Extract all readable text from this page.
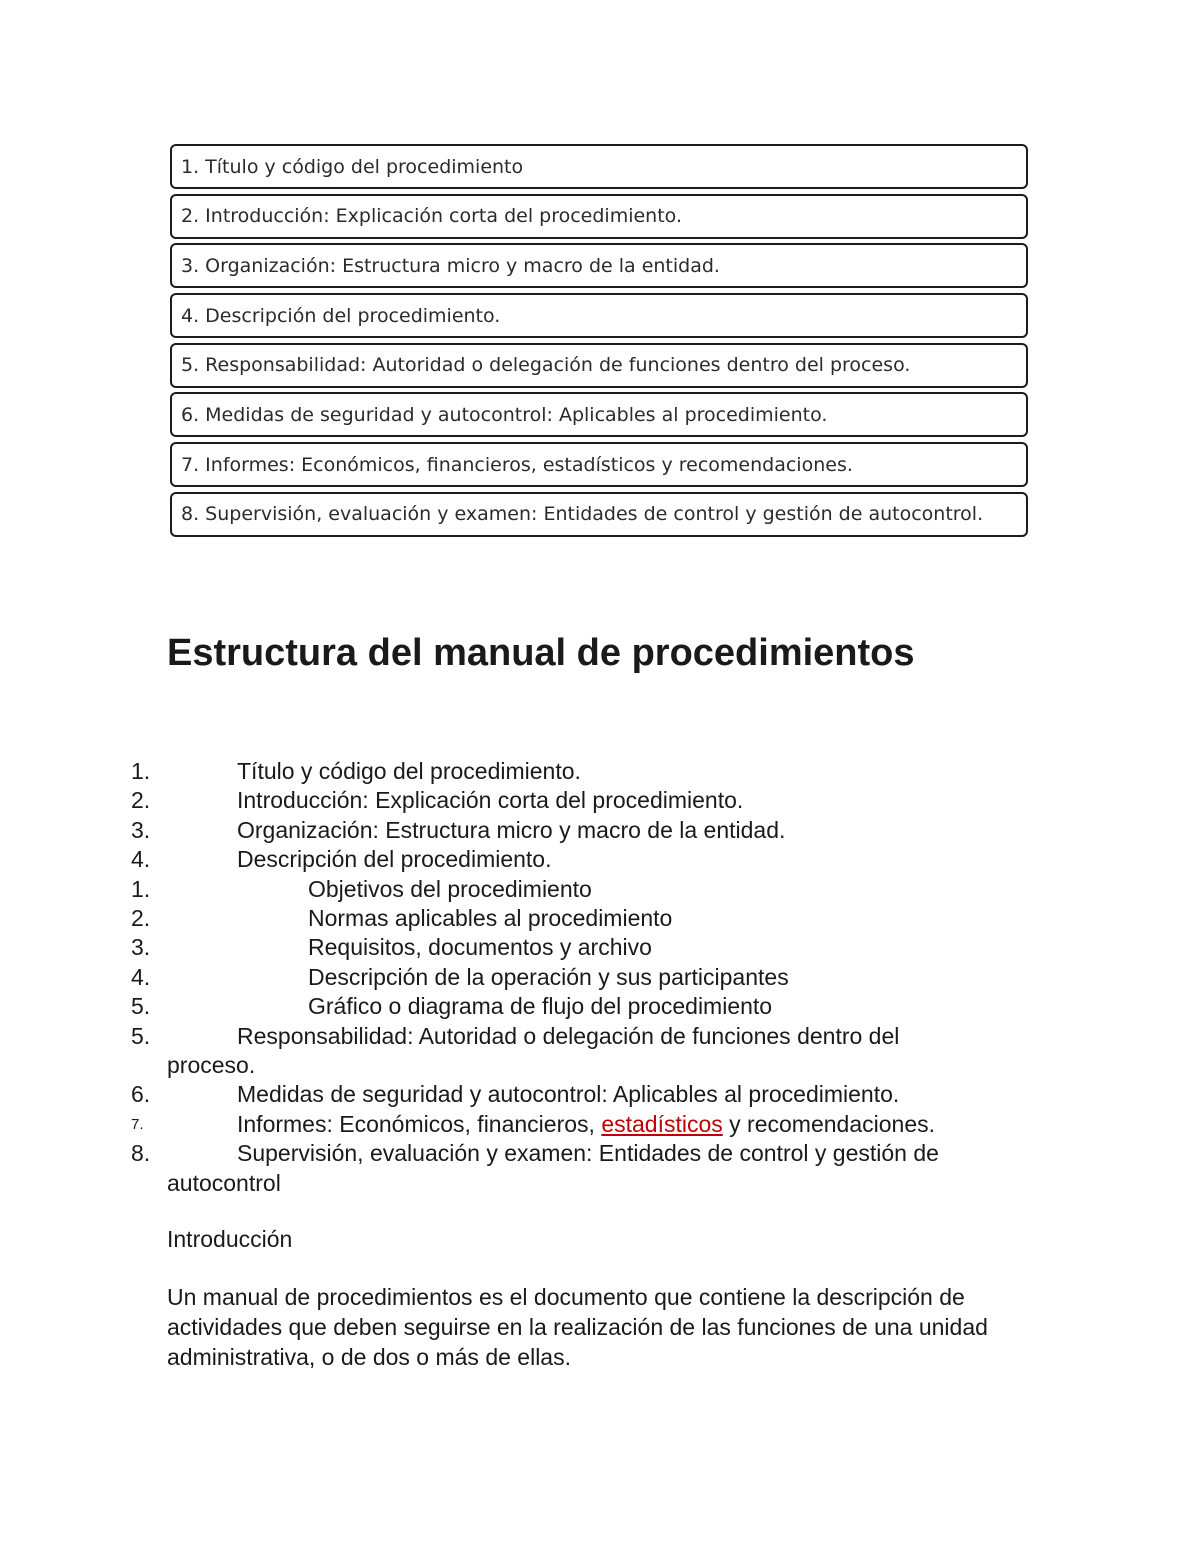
1. Título y código del procedimiento
2. Introducción: Explicación corta del procedimiento.
3. Organización: Estructura micro y macro de la entidad.
4. Descripción del procedimiento.
5. Responsabilidad: Autoridad o delegación de funciones dentro del proceso.
6. Medidas de seguridad y autocontrol: Aplicables al procedimiento.
7. Informes: Económicos, financieros, estadísticos y recomendaciones.
8. Supervisión, evaluación y examen: Entidades de control y gestión de autocontrol.
Estructura del manual de procedimientos
1.	Título y código del procedimiento.
2.	Introducción: Explicación corta del procedimiento.
3.	Organización: Estructura micro y macro de la entidad.
4.	Descripción del procedimiento.
1.	Objetivos del procedimiento
2.	Normas aplicables al procedimiento
3.	Requisitos, documentos y archivo
4.	Descripción de la operación y sus participantes
5.	Gráfico o diagrama de flujo del procedimiento
5.	Responsabilidad: Autoridad o delegación de funciones dentro del
proceso.
6.	Medidas de seguridad y autocontrol: Aplicables al procedimiento.
7.	Informes: Económicos, financieros, estadísticos y recomendaciones.
8.	Supervisión, evaluación y examen: Entidades de control y gestión de
autocontrol

Introducción

Un manual de procedimientos es el documento que contiene la descripción de actividades que deben seguirse en la realización de las funciones de una unidad administrativa, o de dos o más de ellas.
